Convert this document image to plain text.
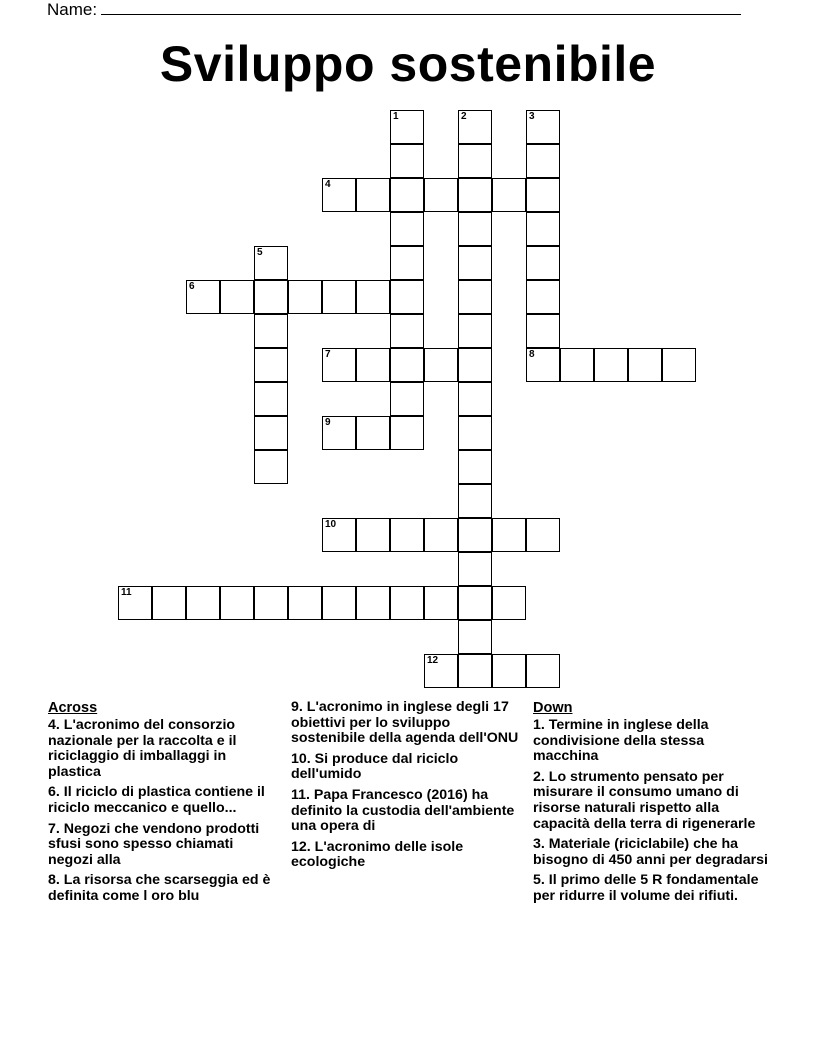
Name:
Sviluppo sostenibile
1	2	3
4
5
6
7	8
9
10
11
12
Across
4. L'acronimo del consorzio nazionale per la raccolta e il riciclaggio di imballaggi in plastica
6. Il riciclo di plastica contiene il riciclo meccanico e quello...
7. Negozi che vendono prodotti sfusi sono spesso chiamati negozi alla
8. La risorsa che scarseggia ed è definita come l oro blu
9. L'acronimo in inglese degli 17 obiettivi per lo sviluppo sostenibile della agenda dell'ONU
10. Si produce dal riciclo dell'umido
11. Papa Francesco (2016) ha definito la custodia dell'ambiente una opera di
12. L'acronimo delle isole ecologiche
Down
1. Termine in inglese della condivisione della stessa macchina
2. Lo strumento pensato per misurare il consumo umano di risorse naturali rispetto alla capacità della terra di rigenerarle
3. Materiale (riciclabile) che ha bisogno di 450 anni per degradarsi
5. Il primo delle 5 R fondamentale per ridurre il volume dei rifiuti.
